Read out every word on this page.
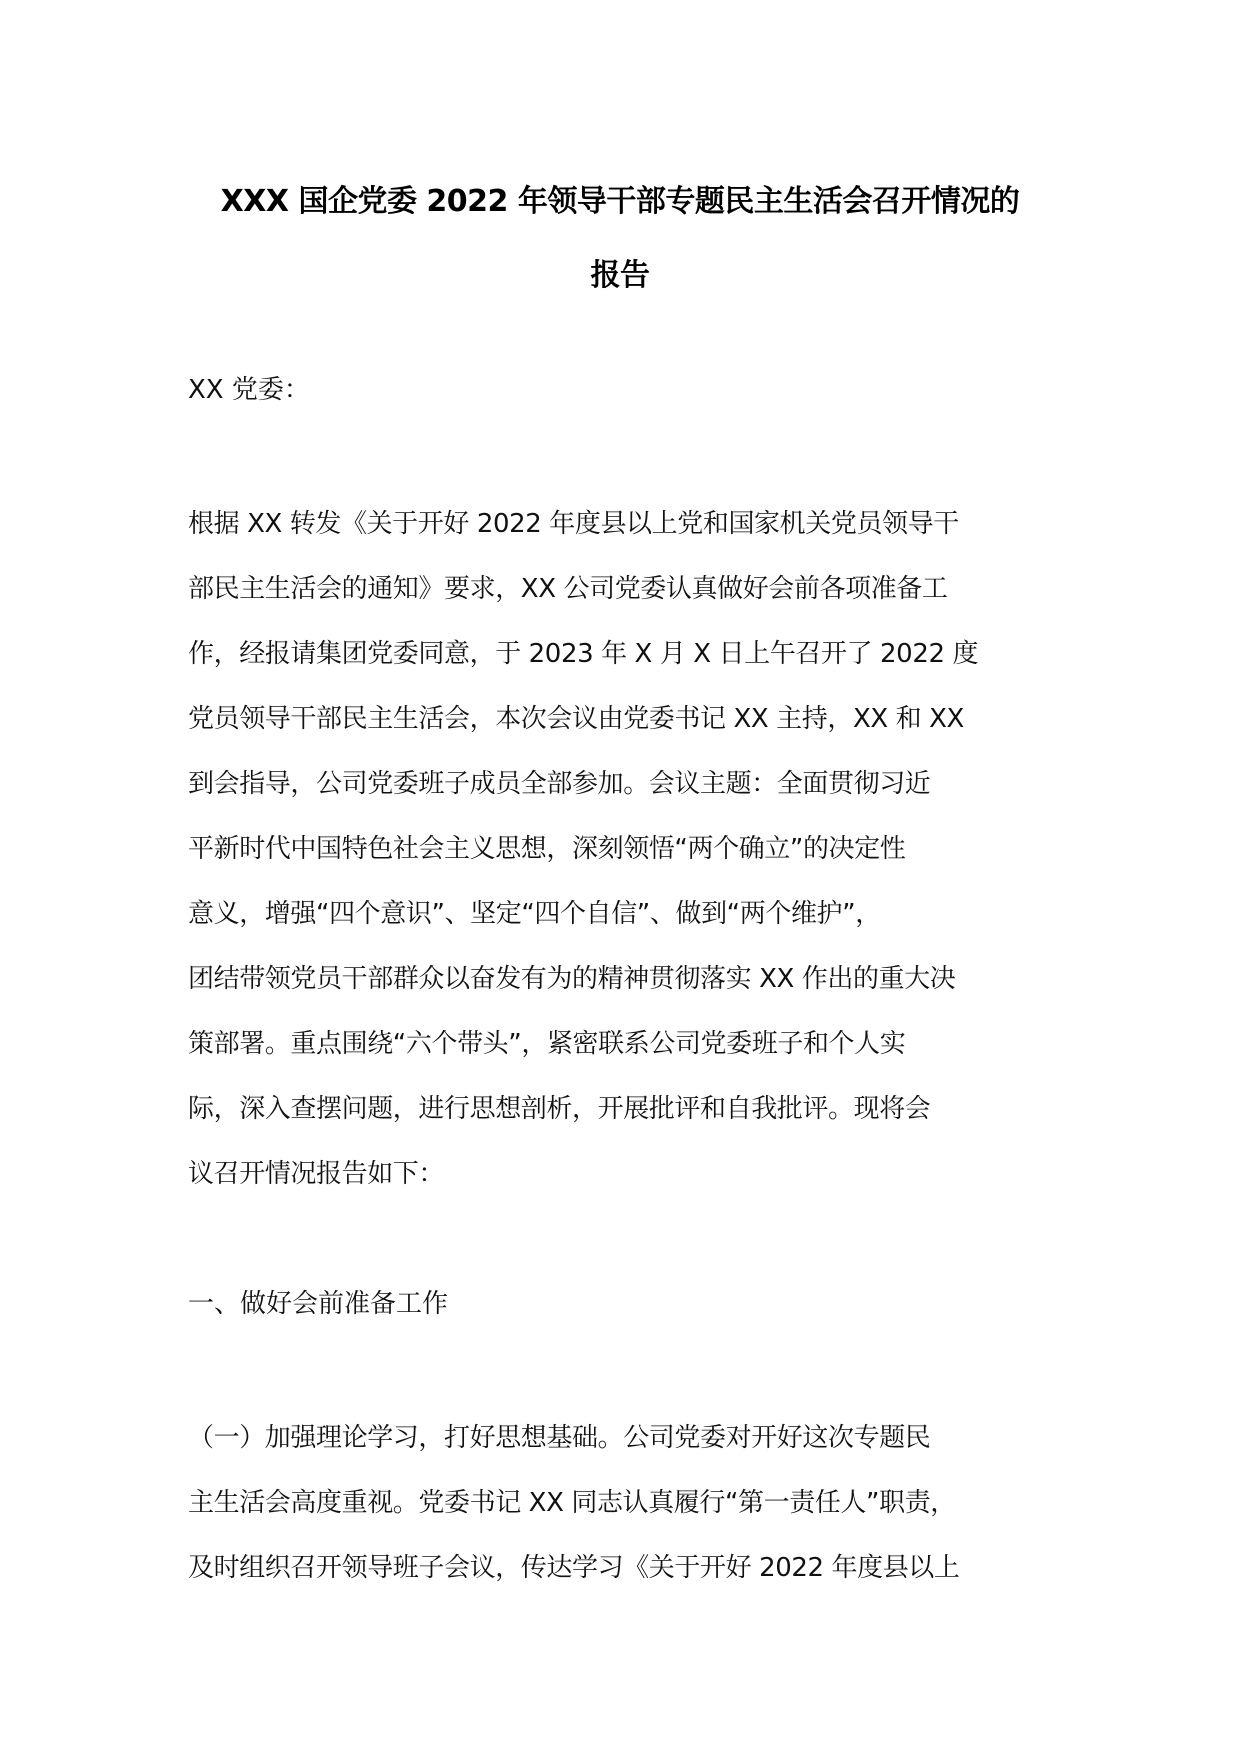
XXX 国企党委 2022 年领导干部专题民主生活会召开情况的
报告
XX 党委：
根据 XX 转发《关于开好 2022 年度县以上党和国家机关党员领导干
部民主生活会的通知》要求，XX 公司党委认真做好会前各项准备工
作，经报请集团党委同意，于 2023 年 X 月 X 日上午召开了 2022 度
党员领导干部民主生活会，本次会议由党委书记 XX 主持，XX 和 XX
到会指导，公司党委班子成员全部参加。会议主题：全面贯彻习近
平新时代中国特色社会主义思想，深刻领悟“两个确立”的决定性
意义，增强“四个意识”、坚定“四个自信”、做到“两个维护”，
团结带领党员干部群众以奋发有为的精神贯彻落实 XX 作出的重大决
策部署。重点围绕“六个带头”，紧密联系公司党委班子和个人实
际，深入查摆问题，进行思想剖析，开展批评和自我批评。现将会
议召开情况报告如下：
一、做好会前准备工作
（一）加强理论学习，打好思想基础。公司党委对开好这次专题民
主生活会高度重视。党委书记 XX 同志认真履行“第一责任人”职责，
及时组织召开领导班子会议，传达学习《关于开好 2022 年度县以上
